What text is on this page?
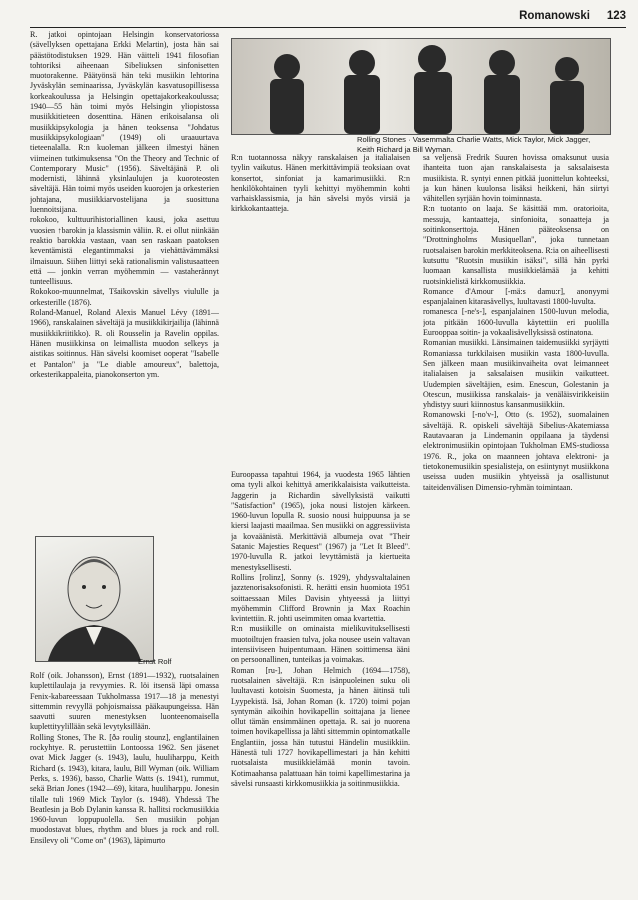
Romanowski 123

R. jatkoi opintojaan Helsingin konservatoriossa (sävellyksen opettajana Erkki Melartin), josta hän sai päästötodistuksen 1929. Hän väitteli 1941 filosofian tohtoriksi aiheenaan Sibeliuksen sinfonisetten muotorakenne. Päätyönsä hän teki musiikin lehtorina Jyväskylän seminaarissa, Jyväskylän kasvatusopillisessa korkeakoulussa ja Helsingin opettajakorkeakoulussa; 1940—55 hän toimi myös Helsingin yliopistossa musiikkitieteen dosenttina. Hänen erikoisalansa oli musiikkipsykologia ja hänen teoksensa "Johdatus musiikkipsykologiaan" (1949) oli uraauurtava tieteenalalla. R:n kuoleman jälkeen ilmestyi hänen viimeinen tutkimuksensa "On the Theory and Technic of Contemporary Music" (1956). Säveltäjänä P. oli modernisti, lähinnä yksinlaulujen ja kuoroteosten säveltäjä. Hän toimi myös useiden kuorojen ja orkesterien johtajana, musiikkiarvostelijana ja suosittuna luennoitsijana.

rokokoo, kulttuurihistoriallinen kausi, joka asettuu vuosien ↑barokin ja klassismin väliin. R. ei ollut niinkään reaktio barokkia vastaan, vaan sen raskaan paatoksen keventämistä elegantimmaksi ja viehättävämmäksi ilmaisuun. Siihen liittyi sekä rationalismin valistusaatteen että — jonkin verran myöhemmin — vastaherännyt tunteellisuus.

Rokokoo-muunnelmat, Tšaikovskin sävellys viululle ja orkesterille (1876).

Roland-Manuel, Roland Alexis Manuel Lévy (1891—1966), ranskalainen säveltäjä ja musiikkikirjailija (lähinnä musiikkikriitikko). R. oli Rousselin ja Ravelin oppilas. Hänen musiikkinsa on leimallista muodon selkeys ja aistikas soitinnus. Hän sävelsi koomiset ooperat "Isabelle et Pantalon" ja "Le diable amoureux", balettoja, orkesterikappaleita, pianokonserton ym.

Ernst Rolf

Rolf (oik. Johansson), Ernst (1891—1932), ruotsalainen kuplettilaulaja ja revyymies. R. löi itsensä läpi omassa Fenix-kabareessaan Tukholmassa 1917—18 ja menestyi sittemmin revyyllä pohjoismaissa pääkaupungeissa. Hän saavutti suuren menestyksen luonteenomaisella kuplettityylillään sekä levytyksillään.

Rolling Stones, The R. [ðə rouliŋ stounz], englantilainen rockyhtye. R. perustettiin Lontoossa 1962. Sen jäsenet ovat Mick Jagger (s. 1943), laulu, huuliharppu, Keith Richard (s. 1943), kitara, laulu, Bill Wyman (oik. William Perks, s. 1936), basso, Charlie Watts (s. 1941), rummut, sekä Brian Jones (1942—69), kitara, huuliharppu. Jonesin tilalle tuli 1969 Mick Taylor (s. 1948). Yhdessä The Beatlesin ja Bob Dylanin kanssa R. hallitsi rockmusiikkia 1960-luvun loppupuolella. Sen musiikin pohjan muodostavat blues, rhythm and blues ja rock and roll. Ensilevy oli "Come on" (1963), läpimurto

Rolling Stones · Vasemmalta Charlie Watts, Mick Taylor, Mick Jagger, Keith Richard ja Bill Wyman.

R:n tuotannossa näkyy ranskalaisen ja italialaisen tyylin vaikutus. Hänen merkittävimpiä teoksiaan ovat konsertot, sinfoniat ja kamarimusiikki. R:n henkilökohtainen tyyli kehittyi myöhemmin kohti varhaisklassismia, ja hän sävelsi myös virsiä ja kirkkokantaatteja.

Euroopassa tapahtui 1964, ja vuodesta 1965 lähtien oma tyyli alkoi kehittyä amerikkalaisista vaikutteista. Jaggerin ja Richardin sävellyksistä vaikutti "Satisfaction" (1965), joka nousi listojen kärkeen. 1960-luvun lopulla R. suosio nousi huippuunsa ja se kiersi laajasti maailmaa. Sen musiikki on aggressiivista ja kovaäänistä. Merkittäviä albumeja ovat "Their Satanic Majesties Request" (1967) ja "Let It Bleed". 1970-luvulla R. jatkoi levyttämistä ja kiertueita menestyksellisesti.

Rollins [rolinz], Sonny (s. 1929), yhdysvaltalainen jazztenorisaksofonisti. R. herätti ensin huomiota 1951 soittaessaan Miles Davisin yhtyeessä ja liittyi myöhemmin Clifford Brownin ja Max Roachin kvintettiin. R. johti useimmiten omaa kvartettia.

R:n musiikille on ominaista mielikuvituksellisesti muotoiltujen fraasien tulva, joka nousee usein valtavan intensiiviseen huipentumaan. Hänen soittimensa ääni on persoonallinen, tunteikas ja voimakas.

Roman [ru-], Johan Helmich (1694—1758), ruotsalainen säveltäjä. R:n isänpuoleinen suku oli luultavasti kotoisin Suomesta, ja hänen äitinsä tuli Lyypekistä. Isä, Johan Roman (k. 1720) toimi pojan syntymän aikoihin hovikapellin soittajana ja lienee ollut tämän ensimmäinen opettaja. R. sai jo nuorena toimen hovikapellissa ja lähti sittemmin opintomatkalle Englantiin, jossa hän tutustui Händelin musiikkiin. Hänestä tuli 1727 hovikapellimestari ja hän kehitti ruotsalaista musiikkielämää monin tavoin. Kotimaahansa palattuaan hän toimi kapellimestarina ja sävelsi runsaasti kirkkomusiikkia ja soitinmusiikkia.

sa veljensä Fredrik Suuren hovissa omaksunut uusia ihanteita tuon ajan ranskalaisesta ja saksalaisesta musiikista. R. syntyi ennen pitkää juonittelun kohteeksi, ja kun hänen kuulonsa lisäksi heikkeni, hän siirtyi vähitellen syrjään hovin toiminnasta.

R:n tuotanto on laaja. Se käsittää mm. oratorioita, messuja, kantaatteja, sinfonioita, sonaatteja ja soitinkonserttoja. Hänen pääteoksensa on "Drottningholms Musiquellan", joka tunnetaan ruotsalaisen barokin merkkiteoksena. R:ia on aiheellisesti kutsuttu "Ruotsin musiikin isäksi", sillä hän pyrki luomaan kansallista musiikkielämää ja kehitti ruotsinkielistä kirkkomusiikkia.

Romance d'Amour [-mä:s damu:r], anonyymi espanjalainen kitarasävellys, luultavasti 1800-luvulta.

romanesca [-ne's-], espanjalainen 1500-luvun melodia, jota pitkään 1600-luvulla käytettiin eri puolilla Eurooppaa soitin- ja vokaalisävellyksissä ostinatona.

Romanian musiikki. Länsimainen taidemusiikki syrjäytti Romaniassa turkkilaisen musiikin vasta 1800-luvulla. Sen jälkeen maan musiikinvaiheita ovat leimanneet italialaisen ja saksalaisen musiikin vaikutteet. Uudempien säveltäjien, esim. Enescun, Golestanin ja Otescun, musiikissa ranskalais- ja venäläisvirikkeisiin yhdistyy suuri kiinnostus kansanmusiikkiin.

Romanowski [-no'v-], Otto (s. 1952), suomalainen säveltäjä. R. opiskeli säveltäjä Sibelius-Akatemiassa Rautavaaran ja Lindemanin oppilaana ja täydensi elektronimusiikin opintojaan Tukholman EMS-studiossa 1976. R., joka on maanneen johtava elektroni- ja tietokonemusiikin spesialisteja, on esiintynyt musiikkona useissa uuden musiikin yhtyeissä ja osallistunut taiteidenvälisen Dimensio-ryhmän toimintaan.
